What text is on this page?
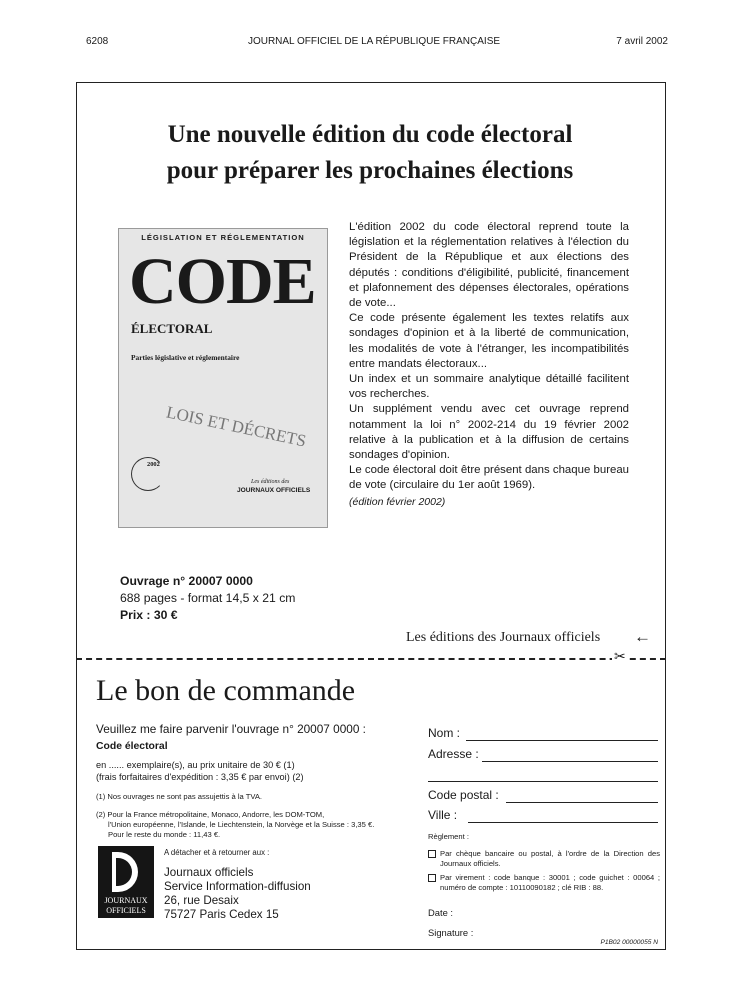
6208	JOURNAL OFFICIEL DE LA RÉPUBLIQUE FRANÇAISE	7 avril 2002
Une nouvelle édition du code électoral
pour préparer les prochaines élections
LÉGISLATION ET RÉGLEMENTATION
CODE
ÉLECTORAL
Parties législative et réglementaire
LOIS ET DÉCRETS
2002
Les éditions des
JOURNAUX OFFICIELS

L'édition 2002 du code électoral reprend toute la législation et la réglementation relatives à l'élection du Président de la République et aux élections des députés : conditions d'éligibilité, publicité, financement et plafonnement des dépenses électorales, opérations de vote...

Ce code présente également les textes relatifs aux sondages d'opinion et à la liberté de communication, les modalités de vote à l'étranger, les incompatibilités entre mandats électoraux...

Un index et un sommaire analytique détaillé facilitent vos recherches.

Un supplément vendu avec cet ouvrage reprend notamment la loi n° 2002-214 du 19 février 2002 relative à la publication et à la diffusion de certains sondages d'opinion.

Le code électoral doit être présent dans chaque bureau de vote (circulaire du 1er août 1969).

(édition février 2002)

Ouvrage n° 20007 0000
688 pages - format 14,5 x 21 cm
Prix : 30 €
Les éditions des Journaux officiels ←
✂
Le bon de commande
Veuillez me faire parvenir l'ouvrage n° 20007 0000 :
Code électoral
en ...... exemplaire(s), au prix unitaire de 30 € (1)
(frais forfaitaires d'expédition : 3,35 € par envoi) (2)
(1) Nos ouvrages ne sont pas assujettis à la TVA.
(2) Pour la France métropolitaine, Monaco, Andorre, les DOM-TOM,
l'Union européenne, l'Islande, le Liechtenstein, la Norvège et la Suisse : 3,35 €.
Pour le reste du monde : 11,43 €.
JOURNAUX
OFFICIELS
A détacher et à retourner aux :
Journaux officiels
Service Information-diffusion
26, rue Desaix
75727 Paris Cedex 15
Nom :
Adresse :
Code postal :
Ville :
Règlement :
Par chèque bancaire ou postal, à l'ordre de la Direction des Journaux officiels.
Par virement : code banque : 30001 ; code guichet : 00064 ; numéro de compte : 10110090182 ; clé RIB : 88.
Date :
Signature :
P1B02 00000055 N
